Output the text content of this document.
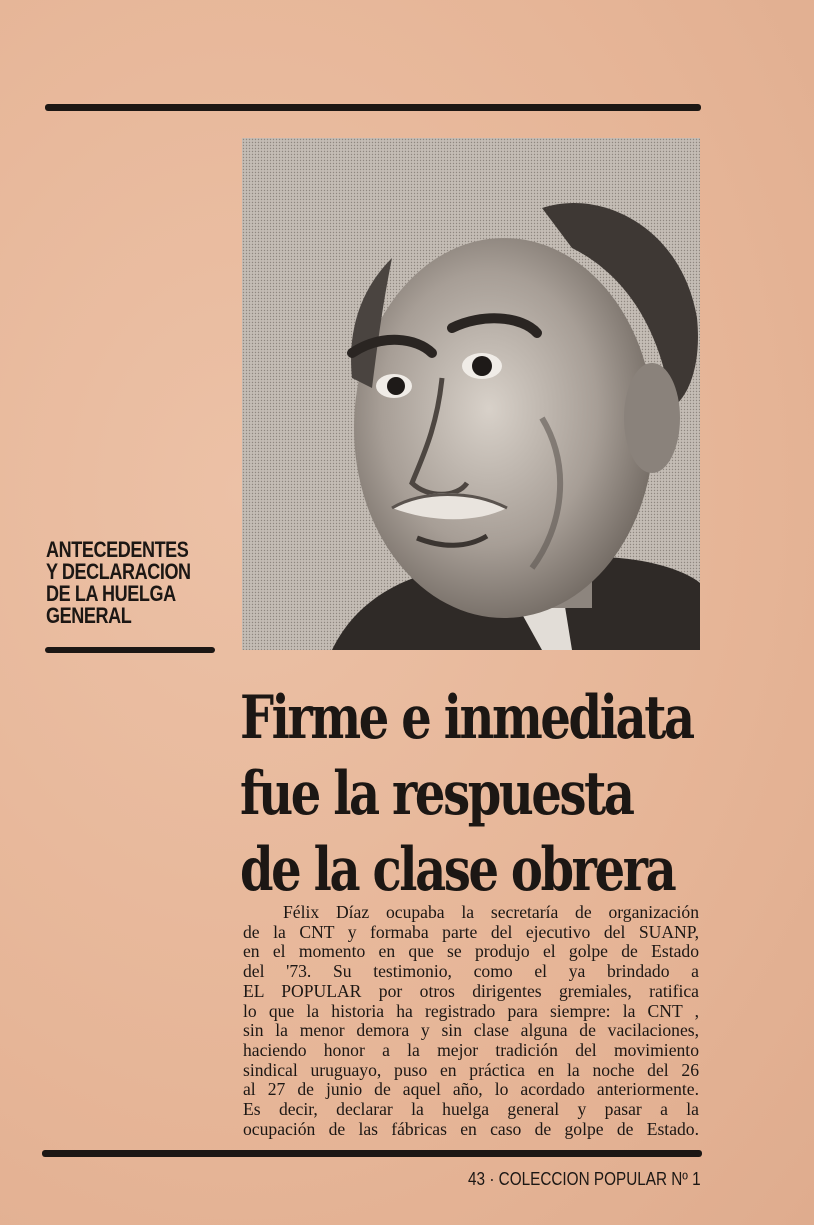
ANTECEDENTES
Y DECLARACION
DE LA HUELGA
GENERAL
Firme e inmediata
fue la respuesta
de la clase obrera
Félix Díaz ocupaba la secretaría de organización
de la CNT y formaba parte del ejecutivo del SUANP,
en el momento en que se produjo el golpe de Estado
del '73. Su testimonio, como el ya brindado a
EL POPULAR por otros dirigentes gremiales, ratifica
lo que la historia ha registrado para siempre: la CNT ,
sin la menor demora y sin clase alguna de vacilaciones,
haciendo honor a la mejor tradición del movimiento
sindical uruguayo, puso en práctica en la noche del 26
al 27 de junio de aquel año, lo acordado anteriormente.
Es decir, declarar la huelga general y pasar a la
ocupación de las fábricas en caso de golpe de Estado.
43 · COLECCION POPULAR Nº 1
